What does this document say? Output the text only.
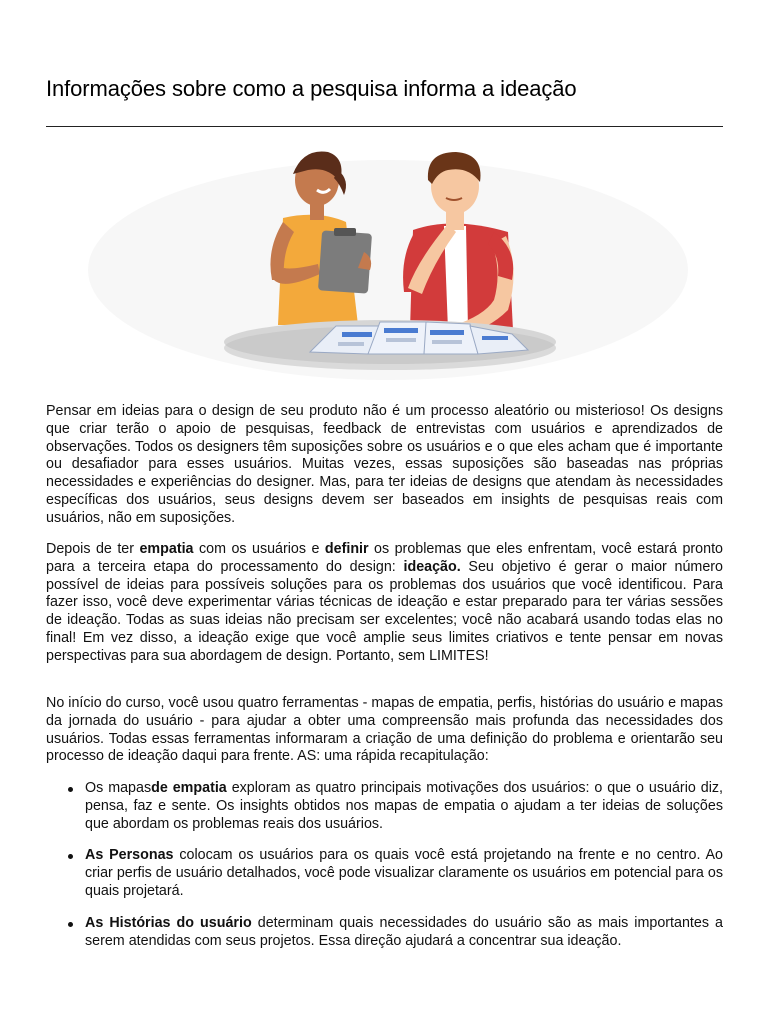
Informações sobre como a pesquisa informa a ideação

Pensar em ideias para o design de seu produto não é um processo aleatório ou misterioso! Os designs que criar terão o apoio de pesquisas, feedback de entrevistas com usuários e aprendizados de observações. Todos os designers têm suposições sobre os usuários e o que eles acham que é importante ou desafiador para esses usuários. Muitas vezes, essas suposições são baseadas nas próprias necessidades e experiências do designer. Mas, para ter ideias de designs que atendam às necessidades específicas dos usuários, seus designs devem ser baseados em insights de pesquisas reais com usuários, não em suposições.

Depois de ter empatia com os usuários e definir os problemas que eles enfrentam, você estará pronto para a terceira etapa do processamento do design: ideação. Seu objetivo é gerar o maior número possível de ideias para possíveis soluções para os problemas dos usuários que você identificou. Para fazer isso, você deve experimentar várias técnicas de ideação e estar preparado para ter várias sessões de ideação. Todas as suas ideias não precisam ser excelentes; você não acabará usando todas elas no final! Em vez disso, a ideação exige que você amplie seus limites criativos e tente pensar em novas perspectivas para sua abordagem de design. Portanto, sem LIMITES!

No início do curso, você usou quatro ferramentas - mapas de empatia, perfis, histórias do usuário e mapas da jornada do usuário - para ajudar a obter uma compreensão mais profunda das necessidades dos usuários. Todas essas ferramentas informaram a criação de uma definição do problema e orientarão seu processo de ideação daqui para frente. AS: uma rápida recapitulação:

Os mapasde empatia exploram as quatro principais motivações dos usuários: o que o usuário diz, pensa, faz e sente. Os insights obtidos nos mapas de empatia o ajudam a ter ideias de soluções que abordam os problemas reais dos usuários.
As Personas colocam os usuários para os quais você está projetando na frente e no centro. Ao criar perfis de usuário detalhados, você pode visualizar claramente os usuários em potencial para os quais projetará.
As Histórias do usuário determinam quais necessidades do usuário são as mais importantes a serem atendidas com seus projetos. Essa direção ajudará a concentrar sua ideação.
